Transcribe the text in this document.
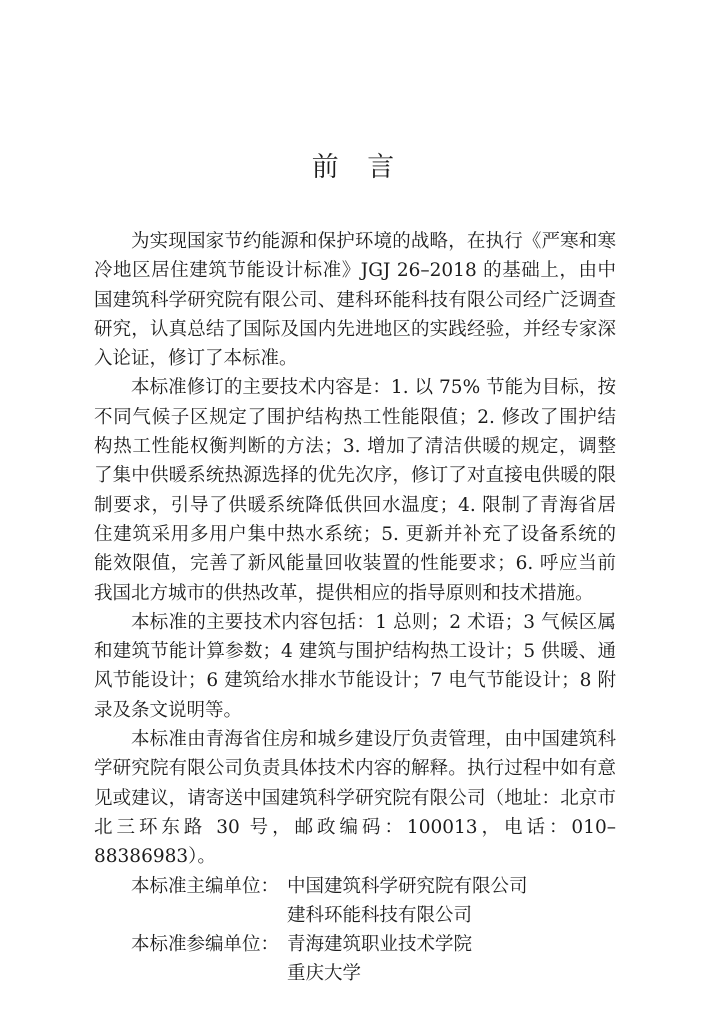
前 言

为实现国家节约能源和保护环境的战略，在执行《严寒和寒冷地区居住建筑节能设计标准》JGJ 26–2018 的基础上，由中国建筑科学研究院有限公司、建科环能科技有限公司经广泛调查研究，认真总结了国际及国内先进地区的实践经验，并经专家深入论证，修订了本标准。

本标准修订的主要技术内容是：1. 以 75% 节能为目标，按不同气候子区规定了围护结构热工性能限值；2. 修改了围护结构热工性能权衡判断的方法；3. 增加了清洁供暖的规定，调整了集中供暖系统热源选择的优先次序，修订了对直接电供暖的限制要求，引导了供暖系统降低供回水温度；4. 限制了青海省居住建筑采用多用户集中热水系统；5. 更新并补充了设备系统的能效限值，完善了新风能量回收装置的性能要求；6. 呼应当前我国北方城市的供热改革，提供相应的指导原则和技术措施。

本标准的主要技术内容包括：1 总则；2 术语；3 气候区属和建筑节能计算参数；4 建筑与围护结构热工设计；5 供暖、通风节能设计；6 建筑给水排水节能设计；7 电气节能设计；8 附录及条文说明等。

本标准由青海省住房和城乡建设厅负责管理，由中国建筑科学研究院有限公司负责具体技术内容的解释。执行过程中如有意见或建议，请寄送中国建筑科学研究院有限公司（地址：北京市北三环东路 30 号，邮政编码：100013，电话：010–88386983）。

本标准主编单位： 中国建筑科学研究院有限公司
建科环能科技有限公司
本标准参编单位： 青海建筑职业技术学院
重庆大学
